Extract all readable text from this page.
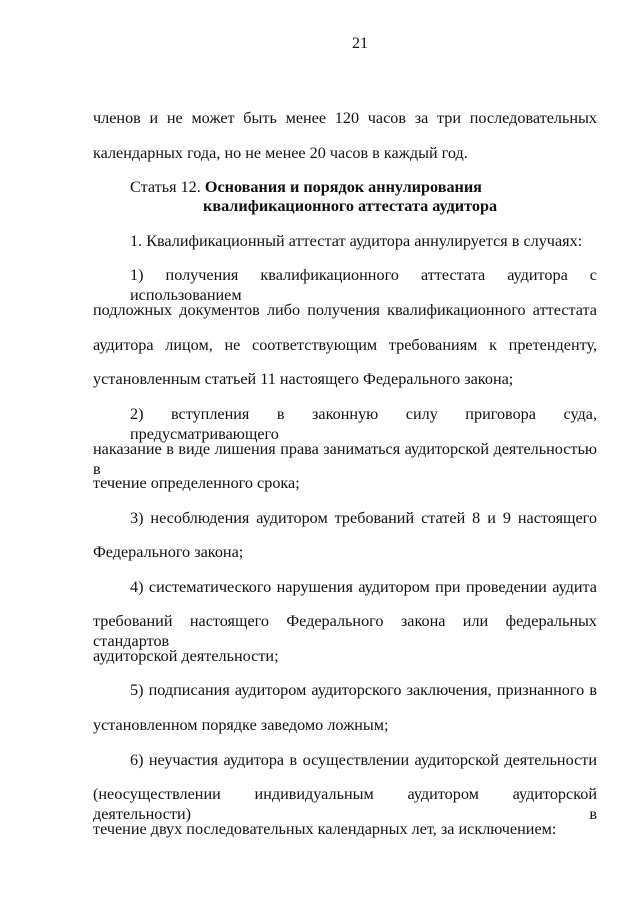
21
членов и не может быть менее 120 часов за три последовательных
календарных года, но не менее 20 часов в каждый год.
Статья 12. Основания и порядок аннулирования
квалификационного аттестата аудитора
1. Квалификационный аттестат аудитора аннулируется в случаях:
1) получения квалификационного аттестата аудитора с использованием
подложных документов либо получения квалификационного аттестата
аудитора лицом, не соответствующим требованиям к претенденту,
установленным статьей 11 настоящего Федерального закона;
2) вступления в законную силу приговора суда, предусматривающего
наказание в виде лишения права заниматься аудиторской деятельностью в
течение определенного срока;
3) несоблюдения аудитором требований статей 8 и 9 настоящего
Федерального закона;
4) систематического нарушения аудитором при проведении аудита
требований настоящего Федерального закона или федеральных стандартов
аудиторской деятельности;
5) подписания аудитором аудиторского заключения, признанного в
установленном порядке заведомо ложным;
6) неучастия аудитора в осуществлении аудиторской деятельности
(неосуществлении индивидуальным аудитором аудиторской деятельности) в
течение двух последовательных календарных лет, за исключением:
